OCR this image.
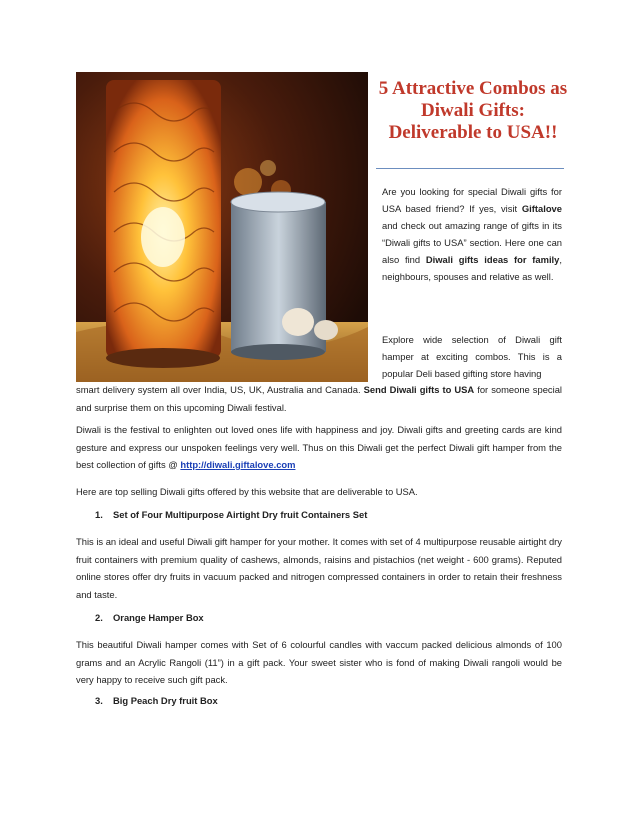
5 Attractive Combos as Diwali Gifts: Deliverable to USA!!

Are you looking for special Diwali gifts for USA based friend? If yes, visit Giftalove and check out amazing range of gifts in its “Diwali gifts to USA” section. Here one can also find Diwali gifts ideas for family, neighbours, spouses and relative as well.

Explore wide selection of Diwali gift hamper at exciting combos. This is a popular Deli based gifting store having

smart delivery system all over India, US, UK, Australia and Canada. Send Diwali gifts to USA for someone special and surprise them on this upcoming Diwali festival.

Diwali is the festival to enlighten out loved ones life with happiness and joy. Diwali gifts and greeting cards are kind gesture and express our unspoken feelings very well. Thus on this Diwali get the perfect Diwali gift hamper from the best collection of gifts @ http://diwali.giftalove.com

Here are top selling Diwali gifts offered by this website that are deliverable to USA.

1. Set of Four Multipurpose Airtight Dry fruit Containers Set

This is an ideal and useful Diwali gift hamper for your mother. It comes with set of 4 multipurpose reusable airtight dry fruit containers with premium quality of cashews, almonds, raisins and pistachios (net weight - 600 grams). Reputed online stores offer dry fruits in vacuum packed and nitrogen compressed containers in order to retain their freshness and taste.

2. Orange Hamper Box

This beautiful Diwali hamper comes with Set of 6 colourful candles with vaccum packed delicious almonds of 100 grams and an Acrylic Rangoli (11”) in a gift pack. Your sweet sister who is fond of making Diwali rangoli would be very happy to receive such gift pack.

3. Big Peach Dry fruit Box
